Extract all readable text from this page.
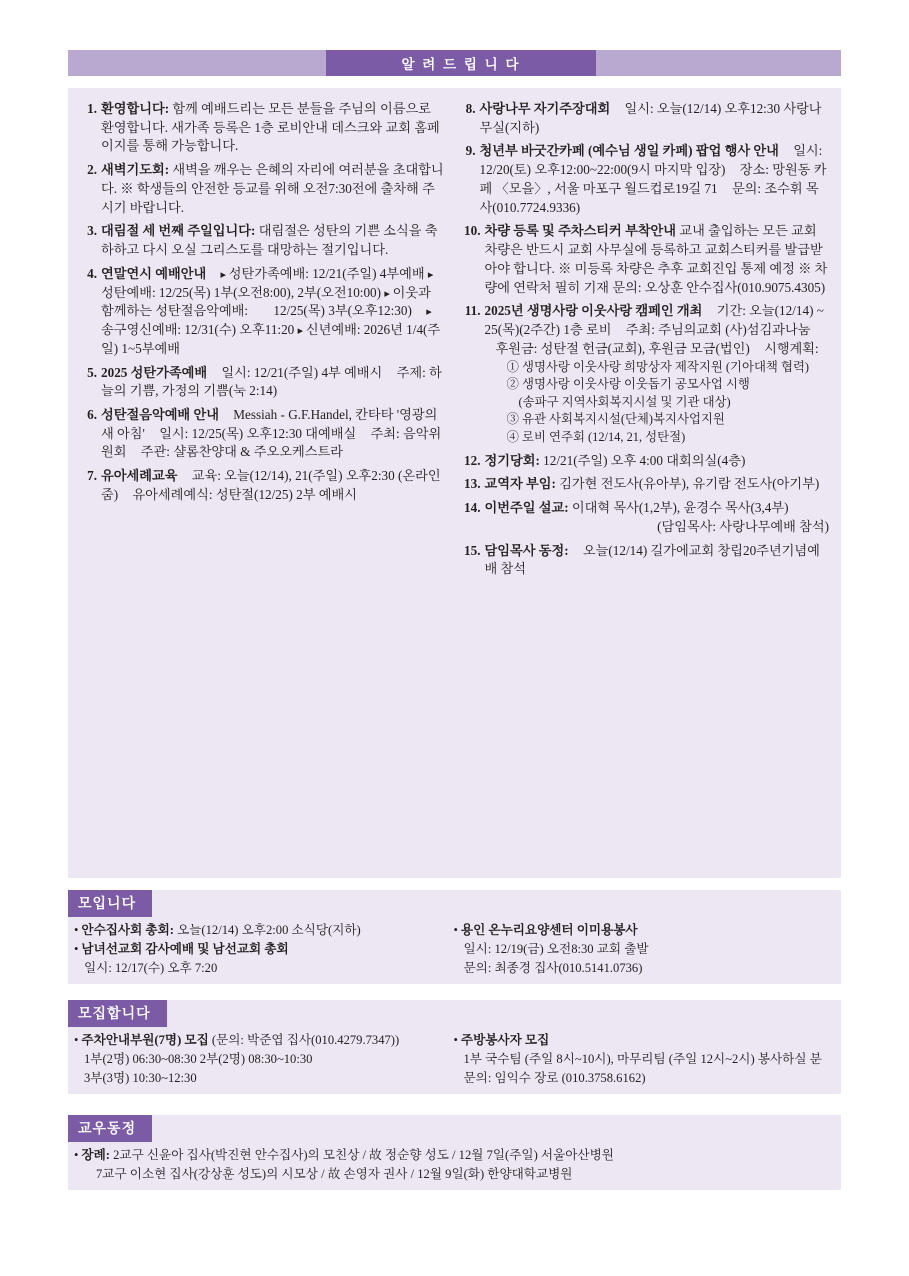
알 려 드 립 니 다
1. 환영합니다: 함께 예배드리는 모든 분들을 주님의 이름으로 환영합니다. 새가족 등록은 1층 로비안내 데스크와 교회 홈페이지를 통해 가능합니다.
2. 새벽기도회: 새벽을 깨우는 은혜의 자리에 여러분을 초대합니다. ※ 학생들의 안전한 등교를 위해 오전7:30전에 출차해 주시기 바랍니다.
3. 대림절 세 번째 주일입니다: 대림절은 성탄의 기쁜 소식을 축하하고 다시 오실 그리스도를 대망하는 절기입니다.
4. 연말연시 예배안내 ▸ 성탄가족예배: 12/21(주일) 4부예배 ▸ 성탄예배: 12/25(목) 1부(오전8:00), 2부(오전10:00) ▸ 이웃과 함께하는 성탄절음악예배: 12/25(목) 3부(오후12:30) ▸ 송구영신예배: 12/31(수) 오후11:20 ▸ 신년예배: 2026년 1/4(주일) 1~5부예배
5. 2025 성탄가족예배 일시: 12/21(주일) 4부 예배시 주제: 하늘의 기쁨, 가정의 기쁨(눅 2:14)
6. 성탄절음악예배 안내 Messiah - G.F.Handel, 칸타타 '영광의 새 아침' 일시: 12/25(목) 오후12:30 대예배실 주최: 음악위원회 주관: 샬롬찬양대 & 주오오케스트라
7. 유아세례교육 교육: 오늘(12/14), 21(주일) 오후2:30 (온라인 줌) 유아세례예식: 성탄절(12/25) 2부 예배시
8. 사랑나무 자기주장대회 일시: 오늘(12/14) 오후12:30 사랑나무실(지하)
9. 청년부 바굿간카페 (예수님 생일 카페) 팝업 행사 안내 일시: 12/20(토) 오후12:00~22:00(9시 마지막 입장) 장소: 망원동 카페 〈모을〉, 서울 마포구 월드컵로19길 71 문의: 조수휘 목사(010.7724.9336)
10. 차량 등록 및 주차스티커 부착안내 교내 출입하는 모든 교회 차량은 반드시 교회 사무실에 등록하고 교회스티커를 발급받아야 합니다. ※ 미등록 차량은 추후 교회진입 통제 예정 ※ 차량에 연락처 필히 기재 문의: 오상훈 안수집사(010.9075.4305)
11. 2025년 생명사랑 이웃사랑 캠페인 개최 기간: 오늘(12/14) ~ 25(목)(2주간) 1층 로비 주최: 주님의교회 (사)섬김과나눔 후원금: 성탄절 헌금(교회), 후원금 모금(법인) 시행계획:
① 생명사랑 이웃사랑 희망상자 제작지원 (기아대책 협력)
② 생명사랑 이웃사랑 이웃돕기 공모사업 시행
(송파구 지역사회복지시설 및 기관 대상)
③ 유관 사회복지시설(단체)복지사업지원
④ 로비 연주회 (12/14, 21, 성탄절)
12. 정기당회: 12/21(주일) 오후 4:00 대회의실(4층)
13. 교역자 부임: 김가현 전도사(유아부), 유기람 전도사(아기부)
14. 이번주일 설교: 이대혁 목사(1,2부), 윤경수 목사(3,4부)
(담임목사: 사랑나무예배 참석)
15. 담임목사 동정: 오늘(12/14) 길가에교회 창립20주년기념예배 참석
모입니다
• 안수집사회 총회: 오늘(12/14) 오후2:00 소식당(지하)
• 남녀선교회 감사예배 및 남선교회 총회
일시: 12/17(수) 오후 7:20
• 용인 온누리요양센터 이미용봉사
일시: 12/19(금) 오전8:30 교회 출발
문의: 최종경 집사(010.5141.0736)
모집합니다
• 주차안내부원(7명) 모집 (문의: 박준엽 집사(010.4279.7347))
1부(2명) 06:30~08:30 2부(2명) 08:30~10:30
3부(3명) 10:30~12:30
• 주방봉사자 모집
1부 국수팀 (주일 8시~10시), 마무리팀 (주일 12시~2시) 봉사하실 분
문의: 임익수 장로 (010.3758.6162)
교우동정
• 장례: 2교구 신윤아 집사(박진현 안수집사)의 모친상 / 故 정순향 성도 / 12월 7일(주일) 서울아산병원
7교구 이소현 집사(강상훈 성도)의 시모상 / 故 손영자 권사 / 12월 9일(화) 한양대학교병원
